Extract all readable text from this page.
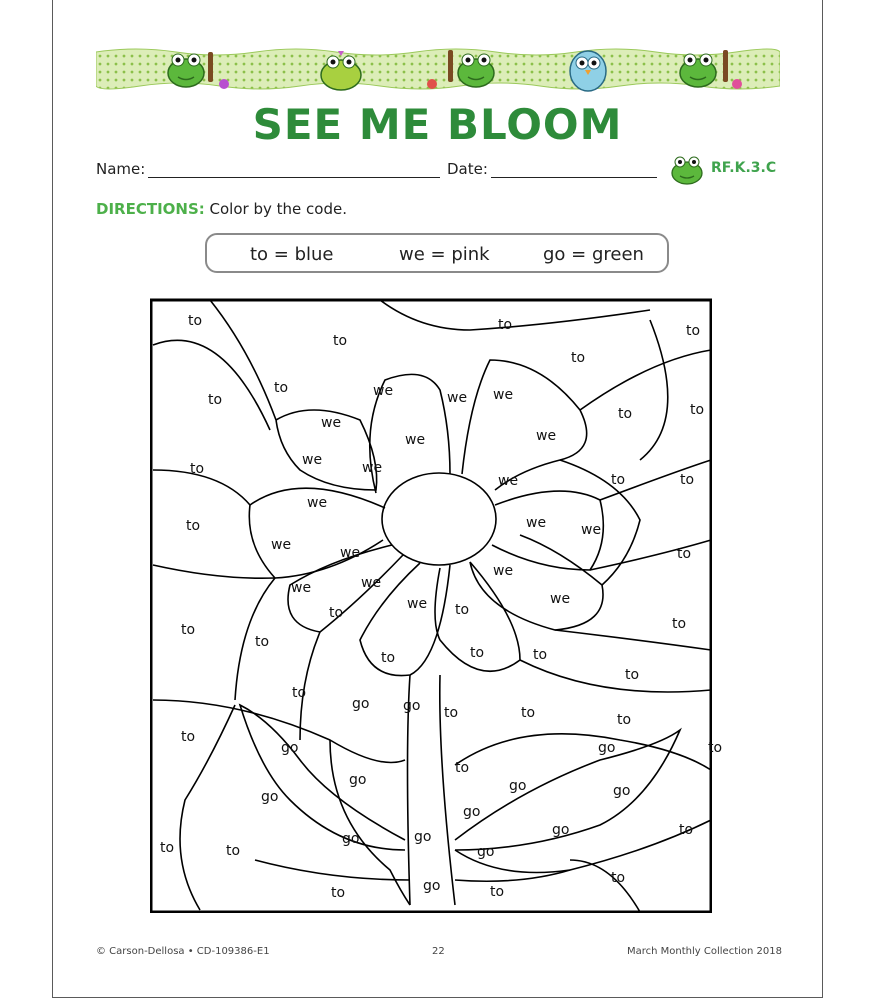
SEE ME BLOOM
Name:	Date:	RF.K.3.C
DIRECTIONS: Color by the code.
to = blue	we = pink	go = green
to
to
to	to
to
to
to	we	we we
we
we	we
we	we
we
we
we we
we	we
we
we	we
we	we
to
to
to	to
to	to
to
to
to
to
to	to
to	to
go
to
to
go
go
go
to
go
to	to
go
go	go
go
go
to
go	go
to
to
to
to
to	to
to	to
go
go	to
© Carson-Dellosa • CD-109386-E1	22	March Monthly Collection 2018
